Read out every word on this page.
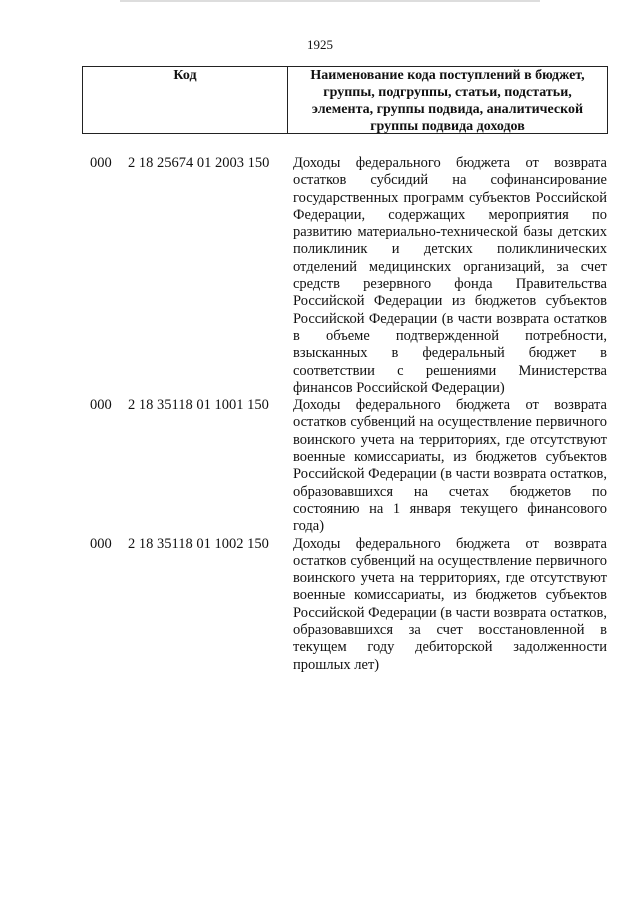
1925
Код	Наименование кода поступлений в бюджет, группы, подгруппы, статьи, подстатьи, элемента, группы подвида, аналитической группы подвида доходов
000	2 18 25674 01 2003 150	Доходы федерального бюджета от возврата остатков субсидий на софинансирование государственных программ субъектов Российской Федерации, содержащих мероприятия по развитию материально-технической базы детских поликлиник и детских поликлинических отделений медицинских организаций, за счет средств резервного фонда Правительства Российской Федерации из бюджетов субъектов Российской Федерации (в части возврата остатков в объеме подтвержденной потребности, взысканных в федеральный бюджет в соответствии с решениями Министерства финансов Российской Федерации)
000	2 18 35118 01 1001 150	Доходы федерального бюджета от возврата остатков субвенций на осуществление первичного воинского учета на территориях, где отсутствуют военные комиссариаты, из бюджетов субъектов Российской Федерации (в части возврата остатков, образовавшихся на счетах бюджетов по состоянию на 1 января текущего финансового года)
000	2 18 35118 01 1002 150	Доходы федерального бюджета от возврата остатков субвенций на осуществление первичного воинского учета на территориях, где отсутствуют военные комиссариаты, из бюджетов субъектов Российской Федерации (в части возврата остатков, образовавшихся за счет восстановленной в текущем году дебиторской задолженности прошлых лет)
